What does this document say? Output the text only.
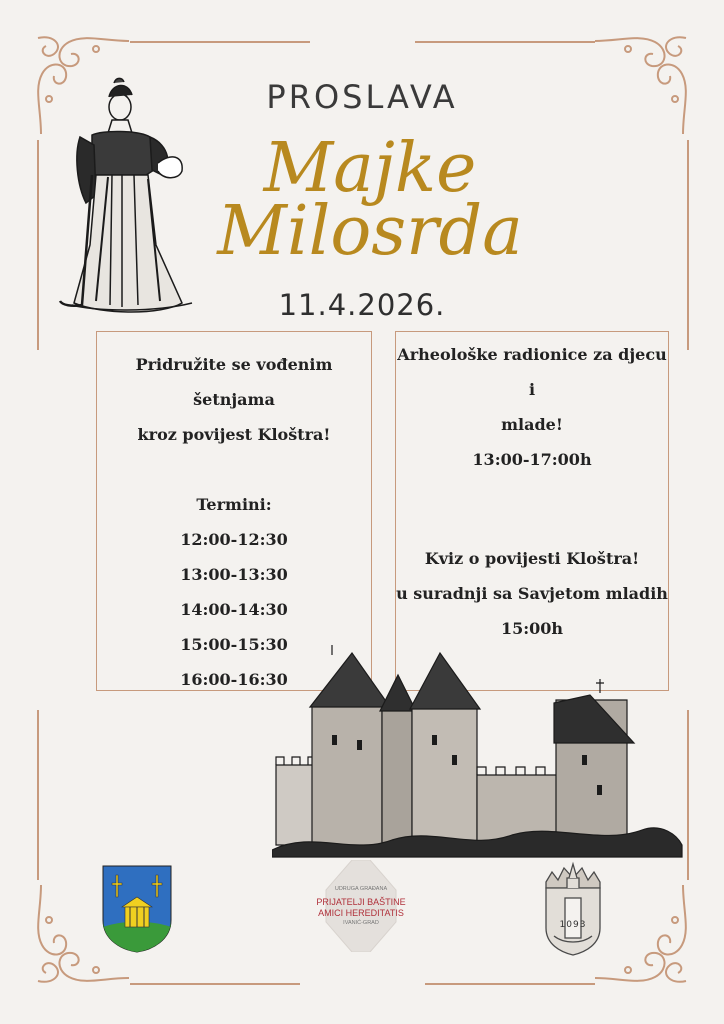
PROSLAVA
Majke
Milosrda
11.4.2026.
Pridružite se vođenim šetnjama
kroz povijest Kloštra!
Termini:
12:00-12:30
13:00-13:30
14:00-14:30
15:00-15:30
16:00-16:30
Arheološke radionice za djecu i
mlade!
13:00-17:00h
Kviz o povijesti Kloštra!
u suradnji sa Savjetom mladih
15:00h
UDRUGA GRAĐANA
PRIJATELJI BAŠTINE
AMICI HEREDITATIS
IVANIĆ-GRAD	1093
